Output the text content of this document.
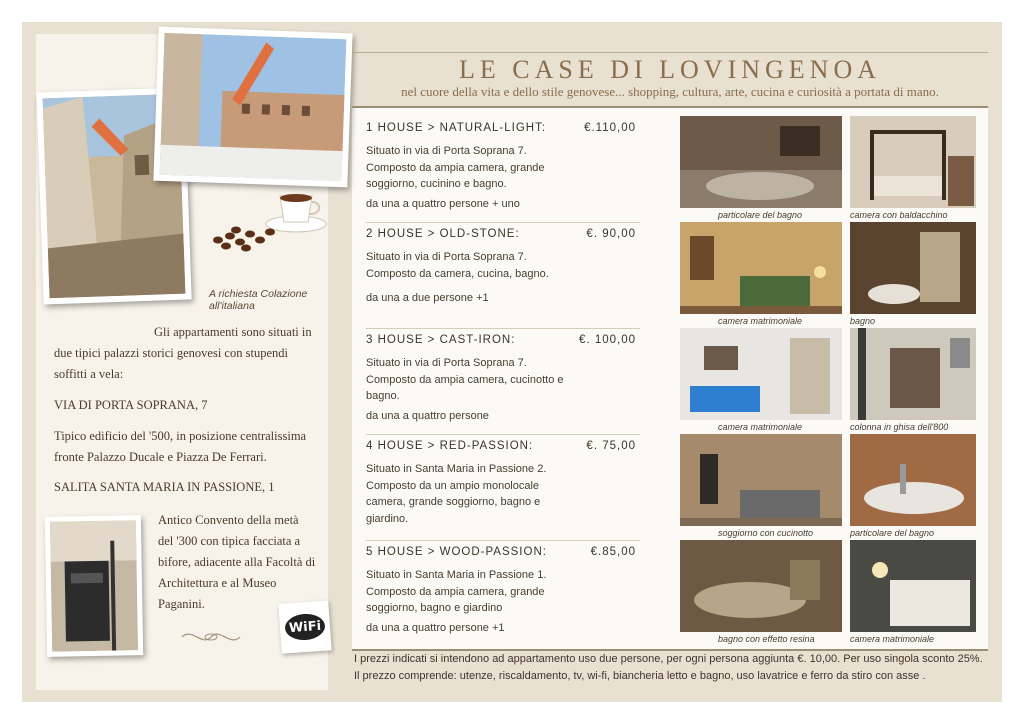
A richiesta Colazione all'italiana
Gli appartamenti sono situati in due tipici palazzi storici genovesi con stupendi soffitti a vela:
VIA DI PORTA SOPRANA, 7
Tipico edificio del '500, in posizione centralissima fronte Palazzo Ducale e Piazza De Ferrari.
SALITA SANTA MARIA IN PASSIONE, 1
Antico Convento della metà del '300 con tipica facciata a bifore, adiacente alla Facoltà di Architettura e al Museo Paganini.
WiFi
LE CASE DI LOVINGENOA
nel cuore della vita e dello stile genovese... shopping, cultura, arte, cucina e curiosità a portata di mano.
1 HOUSE > NATURAL-LIGHT:	€.110,00
Situato in via di Porta Soprana 7. Composto da ampia camera, grande soggiorno, cucinino e bagno.
da una a quattro persone + uno
particolare del bagno	camera con baldacchino
2 HOUSE > OLD-STONE:	€. 90,00
Situato in via di Porta Soprana 7. Composto da camera, cucina, bagno.
da una a due persone +1
camera matrimoniale	bagno
3 HOUSE > CAST-IRON:	€. 100,00
Situato in via di Porta Soprana 7. Composto da ampia camera, cucinotto e bagno.
da una a quattro persone
camera matrimoniale	colonna in ghisa dell'800
4 HOUSE > RED-PASSION:	€. 75,00
Situato in Santa Maria in Passione 2. Composto da un ampio monolocale camera, grande soggiorno, bagno e giardino.
soggiorno con cucinotto	particolare del bagno
5 HOUSE > WOOD-PASSION:	€.85,00
Situato in Santa Maria in Passione 1. Composto da ampia camera, grande soggiorno, bagno e giardino
da una a quattro persone +1
bagno con effetto resina	camera matrimoniale
I prezzi indicati si intendono ad appartamento uso due persone, per ogni persona aggiunta €. 10,00. Per uso singola sconto 25%. Il prezzo comprende: utenze, riscaldamento, tv, wi-fi, biancheria letto e bagno, uso lavatrice e ferro da stiro con asse .
